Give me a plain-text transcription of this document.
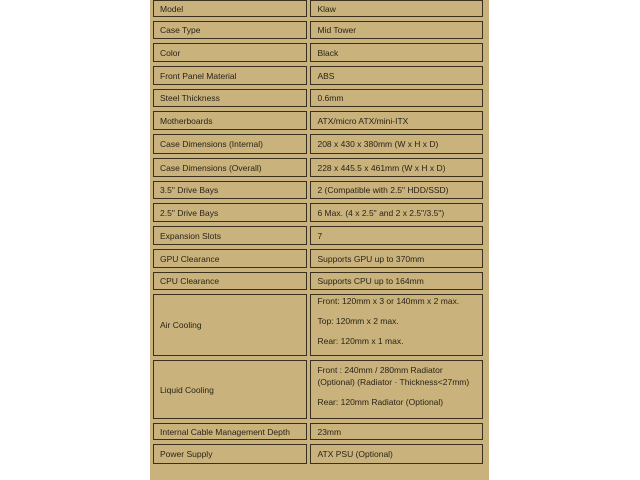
Model		Klaw

Case Type		Mid Tower

Color		Black

Front Panel Material		ABS

Steel Thickness		0.6mm

Motherboards		ATX/micro ATX/mini-ITX

Case Dimensions (Internal)		208 x 430 x 380mm (W x H x D)

Case Dimensions (Overall)		228 x 445.5 x 461mm (W x H x D)

3.5" Drive Bays		2 (Compatible with 2.5" HDD/SSD)

2.5" Drive Bays		6 Max. (4 x 2.5" and 2 x 2.5"/3.5")

Expansion Slots		7

GPU Clearance		Supports GPU up to 370mm

CPU Clearance		Supports CPU up to 164mm

Air Cooling		Front: 120mm x 3 or 140mm x 2 max.
Top: 120mm x 2 max.
Rear: 120mm x 1 max.

Liquid Cooling		Front : 240mm / 280mm Radiator (Optional) (Radiator · Thickness<27mm)
Rear: 120mm Radiator (Optional)

Internal Cable Management Depth		23mm

Power Supply		ATX PSU (Optional)
